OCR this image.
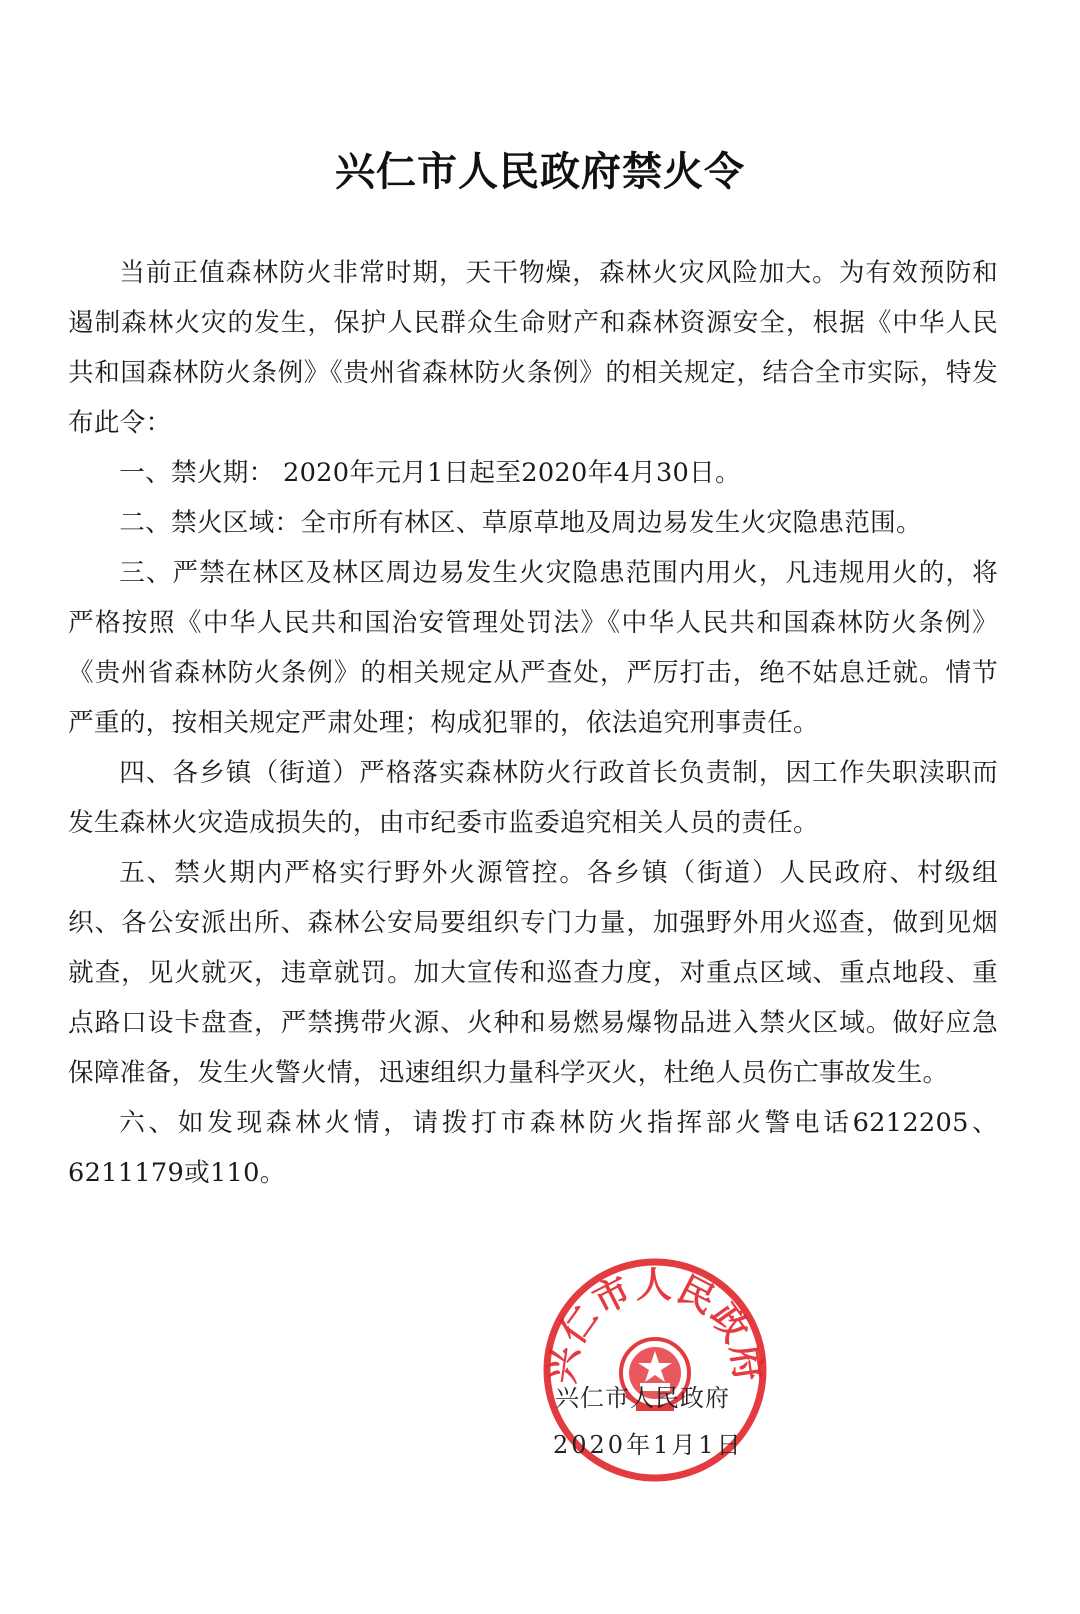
兴仁市人民政府禁火令

当前正值森林防火非常时期，天干物燥，森林火灾风险加大。为有效预防和遏制森林火灾的发生，保护人民群众生命财产和森林资源安全，根据《中华人民共和国森林防火条例》《贵州省森林防火条例》的相关规定，结合全市实际，特发布此令：

一、禁火期： 2020年元月1日起至2020年4月30日。

二、禁火区域：全市所有林区、草原草地及周边易发生火灾隐患范围。

三、严禁在林区及林区周边易发生火灾隐患范围内用火，凡违规用火的，将严格按照《中华人民共和国治安管理处罚法》《中华人民共和国森林防火条例》《贵州省森林防火条例》的相关规定从严查处，严厉打击，绝不姑息迁就。情节严重的，按相关规定严肃处理；构成犯罪的，依法追究刑事责任。

四、各乡镇（街道）严格落实森林防火行政首长负责制，因工作失职渎职而发生森林火灾造成损失的，由市纪委市监委追究相关人员的责任。

五、禁火期内严格实行野外火源管控。各乡镇（街道）人民政府、村级组织、各公安派出所、森林公安局要组织专门力量，加强野外用火巡查，做到见烟就查，见火就灭，违章就罚。加大宣传和巡查力度，对重点区域、重点地段、重点路口设卡盘查，严禁携带火源、火种和易燃易爆物品进入禁火区域。做好应急保障准备，发生火警火情，迅速组织力量科学灭火，杜绝人员伤亡事故发生。

六、如发现森林火情，请拨打市森林防火指挥部火警电话6212205、6211179或110。

兴仁市人民政府
兴仁市人民政府
2020年1月1日
